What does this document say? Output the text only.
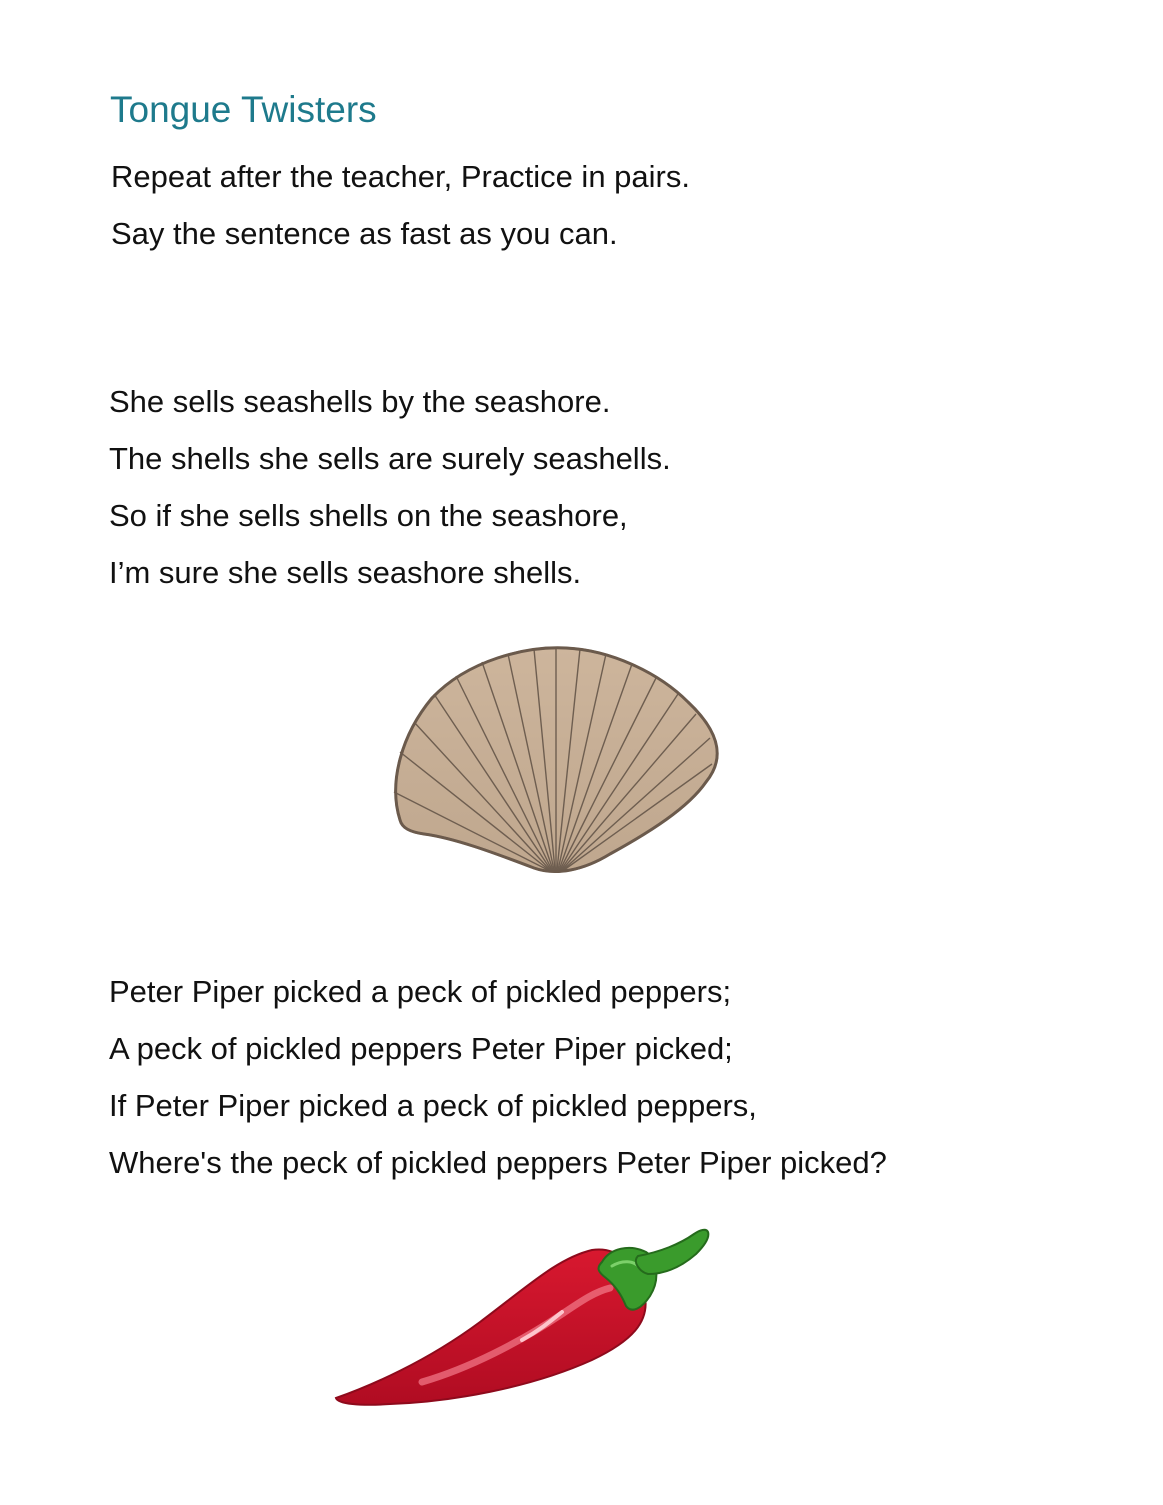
Tongue Twisters
Repeat after the teacher, Practice in pairs.
Say the sentence as fast as you can.
She sells seashells by the seashore.
The shells she sells are surely seashells.
So if she sells shells on the seashore,
I’m sure she sells seashore shells.
Peter Piper picked a peck of pickled peppers;
A peck of pickled peppers Peter Piper picked;
If Peter Piper picked a peck of pickled peppers,
Where's the peck of pickled peppers Peter Piper picked?
